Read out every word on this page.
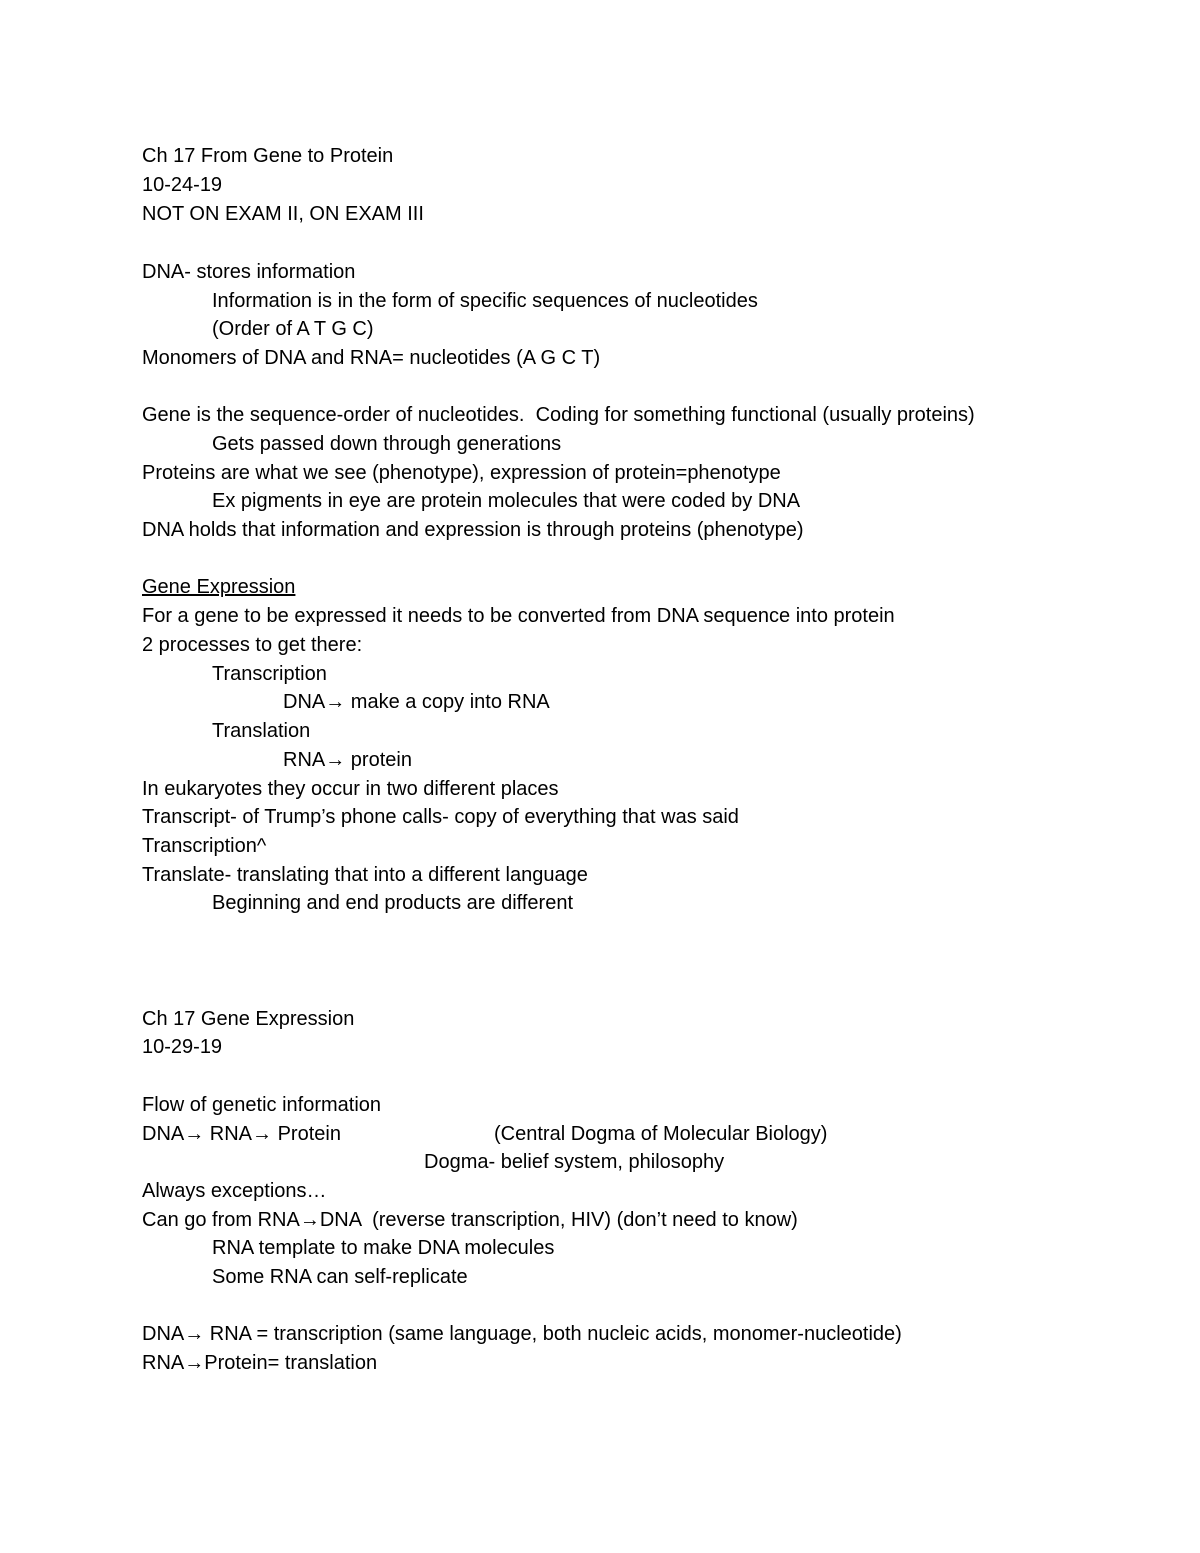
Ch 17 From Gene to Protein
10-24-19
NOT ON EXAM II, ON EXAM III
DNA- stores information
Information is in the form of specific sequences of nucleotides
(Order of A T G C)
Monomers of DNA and RNA= nucleotides (A G C T)
Gene is the sequence-order of nucleotides.  Coding for something functional (usually proteins)
Gets passed down through generations
Proteins are what we see (phenotype), expression of protein=phenotype
Ex pigments in eye are protein molecules that were coded by DNA
DNA holds that information and expression is through proteins (phenotype)
Gene Expression
For a gene to be expressed it needs to be converted from DNA sequence into protein
2 processes to get there:
Transcription
DNA→ make a copy into RNA
Translation
RNA→ protein
In eukaryotes they occur in two different places
Transcript- of Trump’s phone calls- copy of everything that was said
Transcription^
Translate- translating that into a different language
Beginning and end products are different
Ch 17 Gene Expression
10-29-19
Flow of genetic information
DNA→ RNA→ Protein	(Central Dogma of Molecular Biology)
Dogma- belief system, philosophy
Always exceptions…
Can go from RNA→DNA  (reverse transcription, HIV) (don’t need to know)
RNA template to make DNA molecules
Some RNA can self-replicate
DNA→ RNA = transcription (same language, both nucleic acids, monomer-nucleotide)
RNA→Protein= translation
